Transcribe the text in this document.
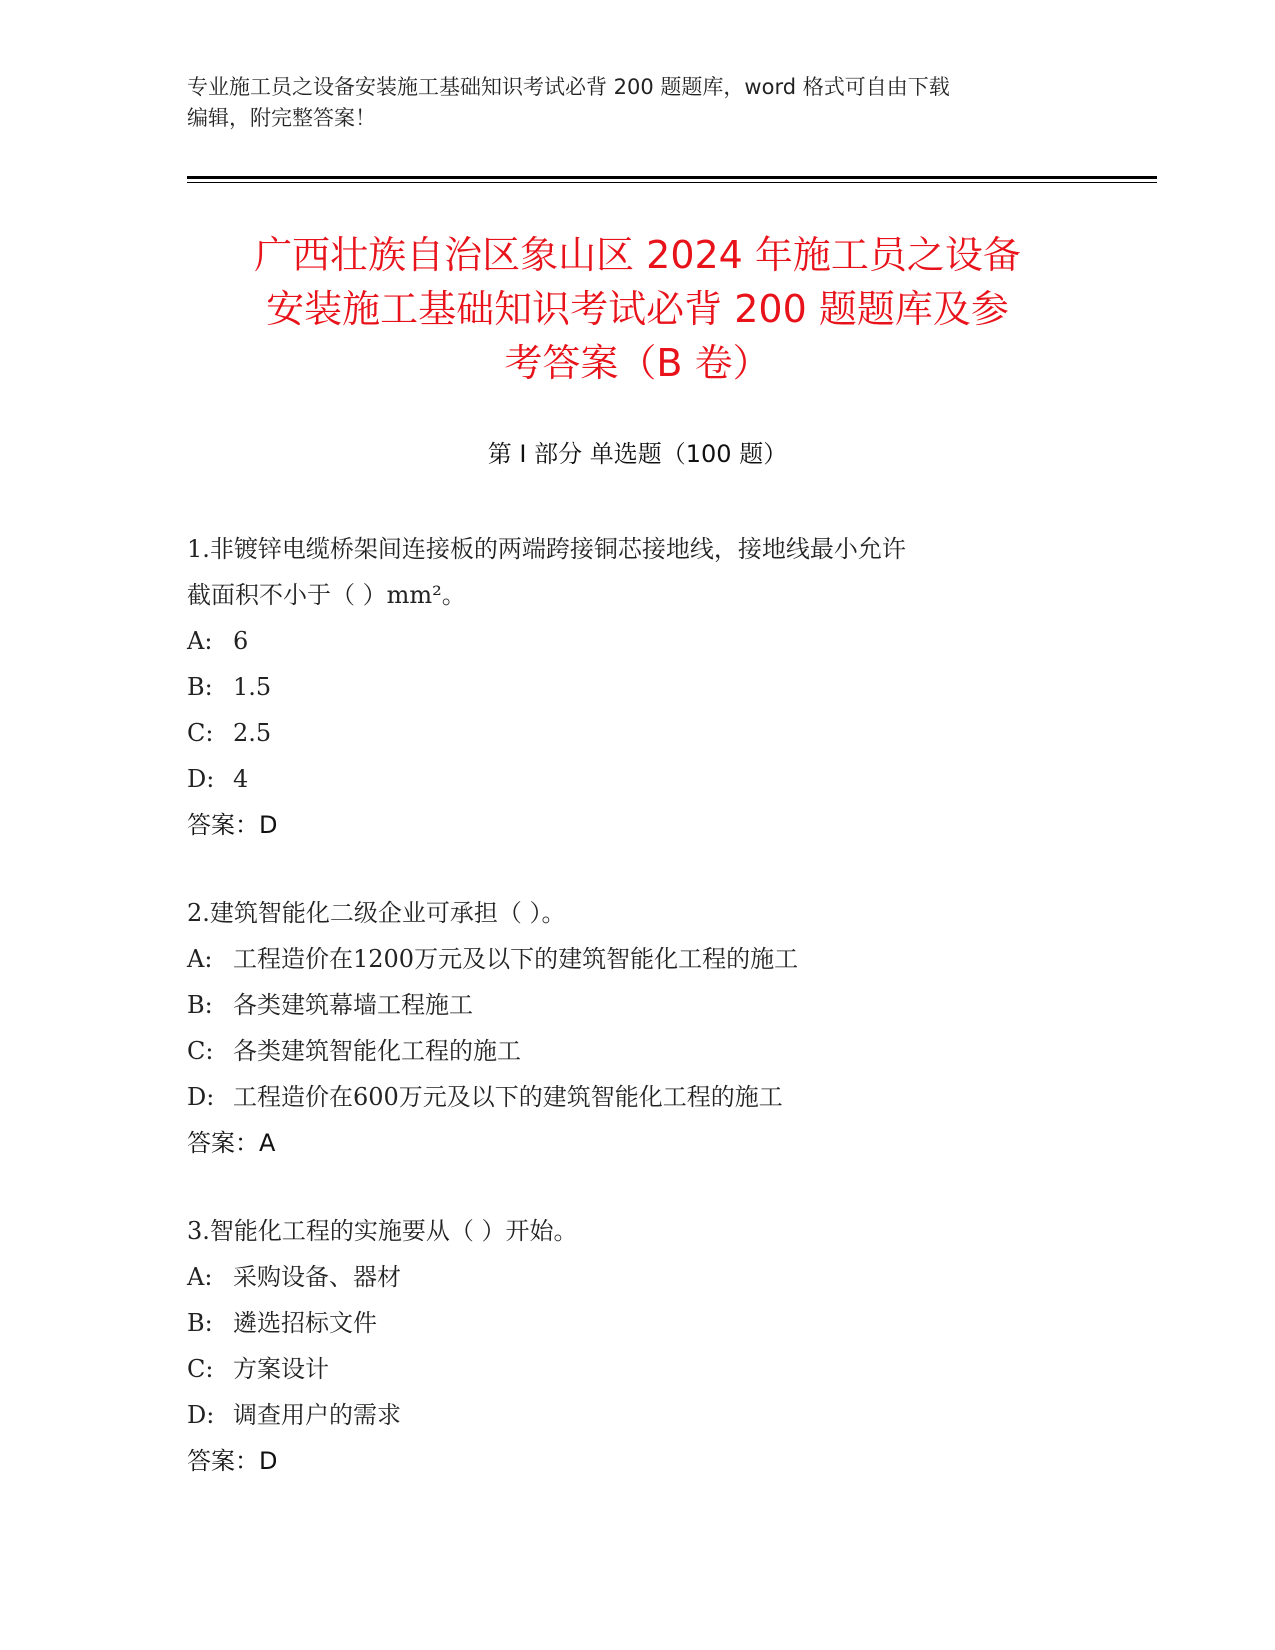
专业施工员之设备安装施工基础知识考试必背 200 题题库，word 格式可自由下载
编辑，附完整答案！
广西壮族自治区象山区 2024 年施工员之设备
安装施工基础知识考试必背 200 题题库及参
考答案（B 卷）
第 I 部分 单选题（100 题）
1.非镀锌电缆桥架间连接板的两端跨接铜芯接地线，接地线最小允许
截面积不小于（ ）mm²。
A: 6
B: 1.5
C: 2.5
D: 4
答案：D
2.建筑智能化二级企业可承担（ ）。
A: 工程造价在1200万元及以下的建筑智能化工程的施工
B: 各类建筑幕墙工程施工
C: 各类建筑智能化工程的施工
D: 工程造价在600万元及以下的建筑智能化工程的施工
答案：A
3.智能化工程的实施要从（ ）开始。
A: 采购设备、器材
B: 遴选招标文件
C: 方案设计
D: 调查用户的需求
答案：D
